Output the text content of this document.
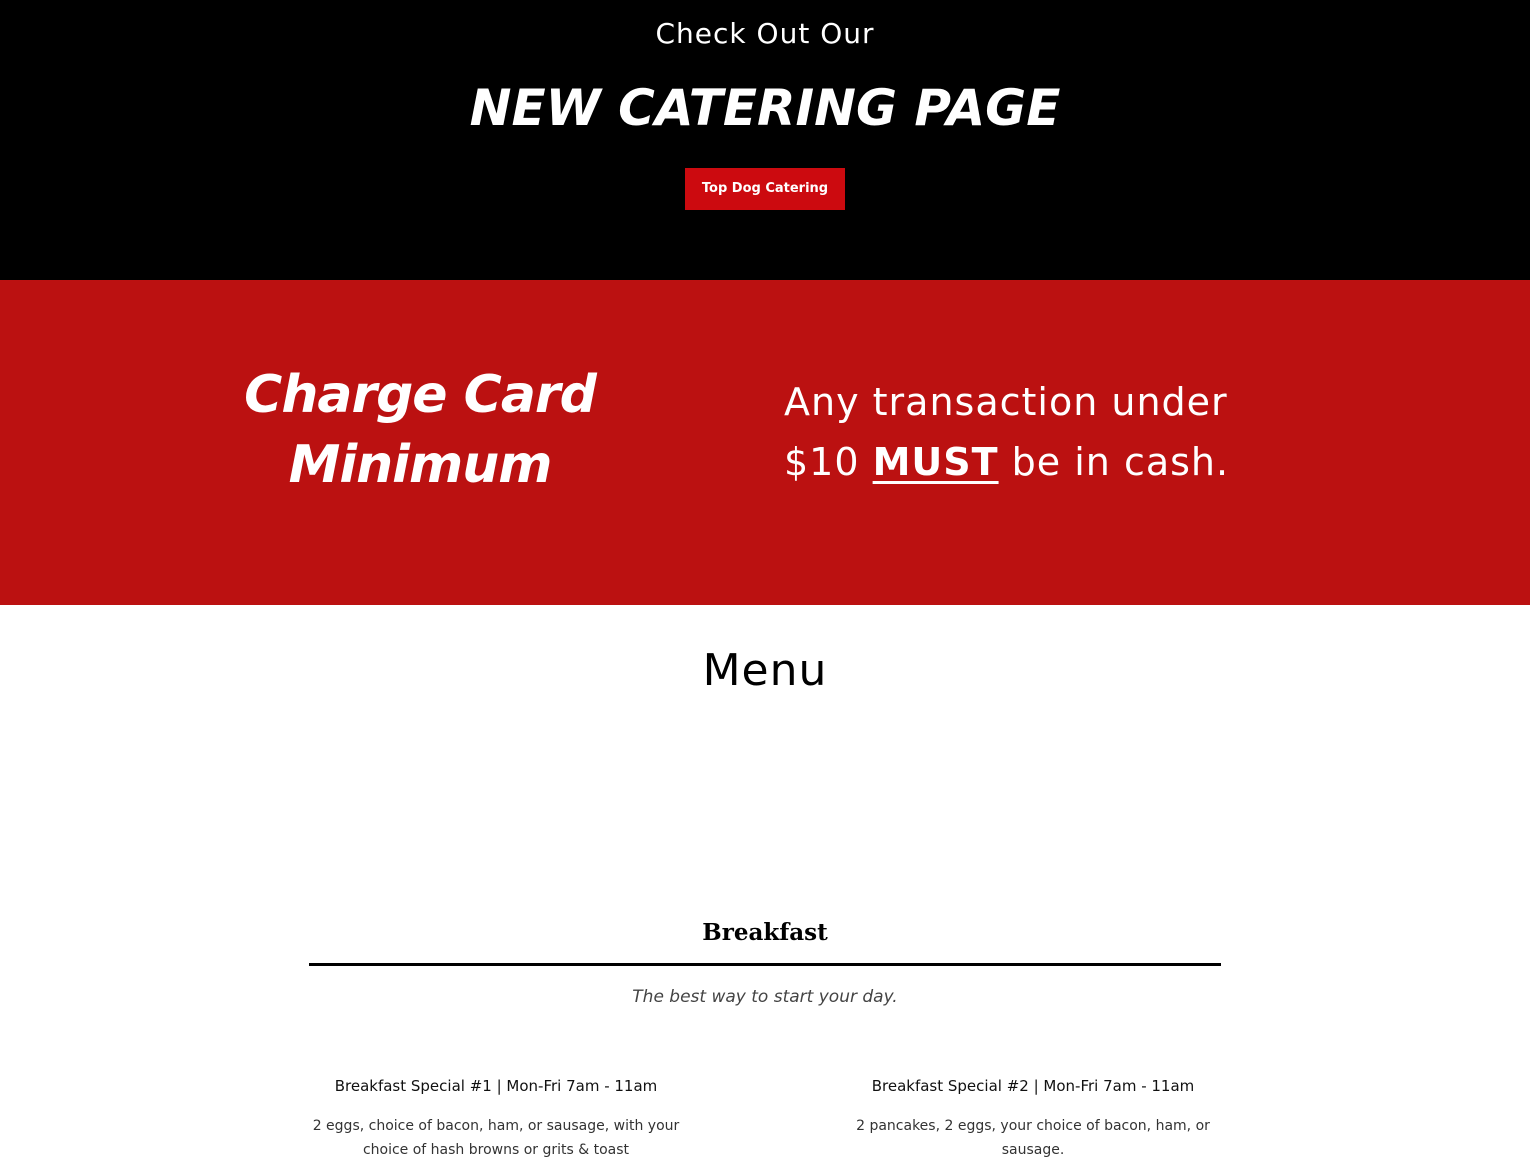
Check Out Our
NEW CATERING PAGE
Top Dog Catering
Charge Card
Minimum
Any transaction under
$10 MUST be in cash.
Menu
Breakfast
The best way to start your day.
Breakfast Special #1 | Mon-Fri 7am - 11am
2 eggs, choice of bacon, ham, or sausage, with your choice of hash browns or grits & toast
Breakfast Special #2 | Mon-Fri 7am - 11am
2 pancakes, 2 eggs, your choice of bacon, ham, or sausage.
